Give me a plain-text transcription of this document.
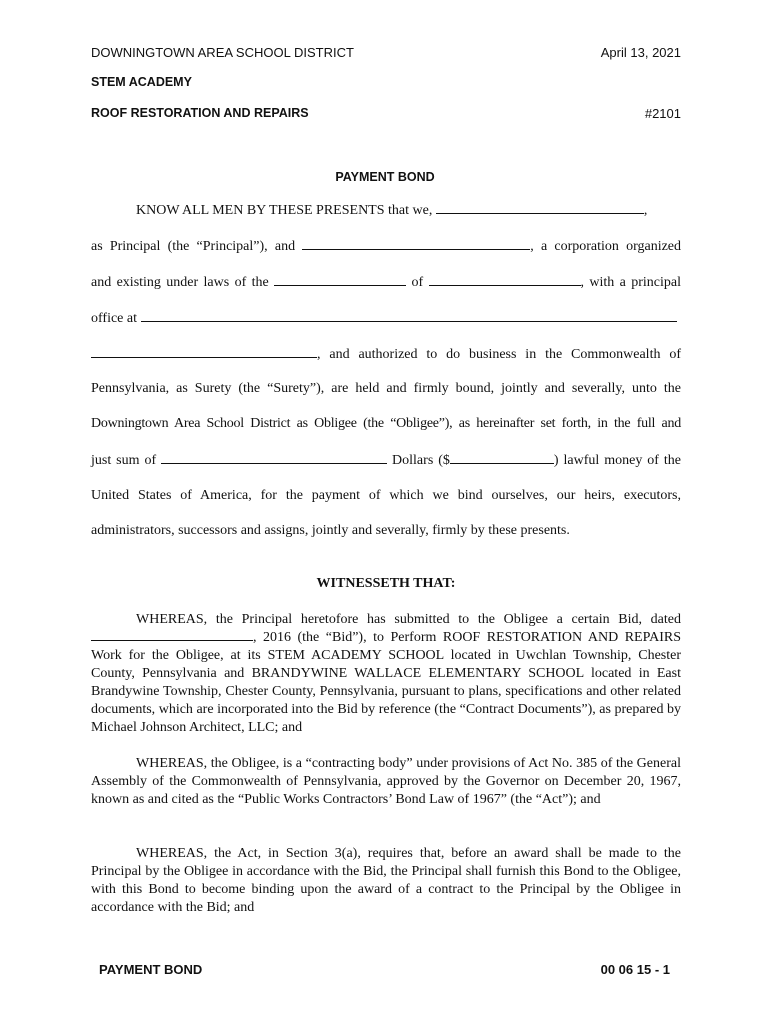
DOWNINGTOWN AREA SCHOOL DISTRICT	April 13, 2021
STEM ACADEMY
ROOF RESTORATION AND REPAIRS	#2101
PAYMENT BOND
KNOW ALL MEN BY THESE PRESENTS that we,	,
as Principal (the “Principal”), and	, a corporation organized
and existing under laws of the	of	, with a principal
office at
, and authorized to do business in the Commonwealth of
Pennsylvania, as Surety (the “Surety”), are held and firmly bound, jointly and severally, unto the
Downingtown Area School District as Obligee (the “Obligee”), as hereinafter set forth, in the full and
just sum of	Dollars ($	) lawful money of the
United States of America, for the payment of which we bind ourselves, our heirs, executors,
administrators, successors and assigns, jointly and severally, firmly by these presents.
WITNESSETH THAT:

WHEREAS, the Principal heretofore has submitted to the Obligee a certain Bid, dated

, 2016 (the “Bid”), to Perform ROOF RESTORATION AND REPAIRS

Work for the Obligee, at its STEM ACADEMY SCHOOL located in Uwchlan Township, Chester County, Pennsylvania and BRANDYWINE WALLACE ELEMENTARY SCHOOL located in East Brandywine Township, Chester County, Pennsylvania, pursuant to plans, specifications and other related documents, which are incorporated into the Bid by reference (the “Contract Documents”), as prepared by Michael Johnson Architect, LLC; and

WHEREAS, the Obligee, is a “contracting body” under provisions of Act No. 385 of the General Assembly of the Commonwealth of Pennsylvania, approved by the Governor on December 20, 1967, known as and cited as the “Public Works Contractors’ Bond Law of 1967” (the “Act”); and

WHEREAS, the Act, in Section 3(a), requires that, before an award shall be made to the Principal by the Obligee in accordance with the Bid, the Principal shall furnish this Bond to the Obligee, with this Bond to become binding upon the award of a contract to the Principal by the Obligee in accordance with the Bid; and

PAYMENT BOND	00 06 15 - 1
